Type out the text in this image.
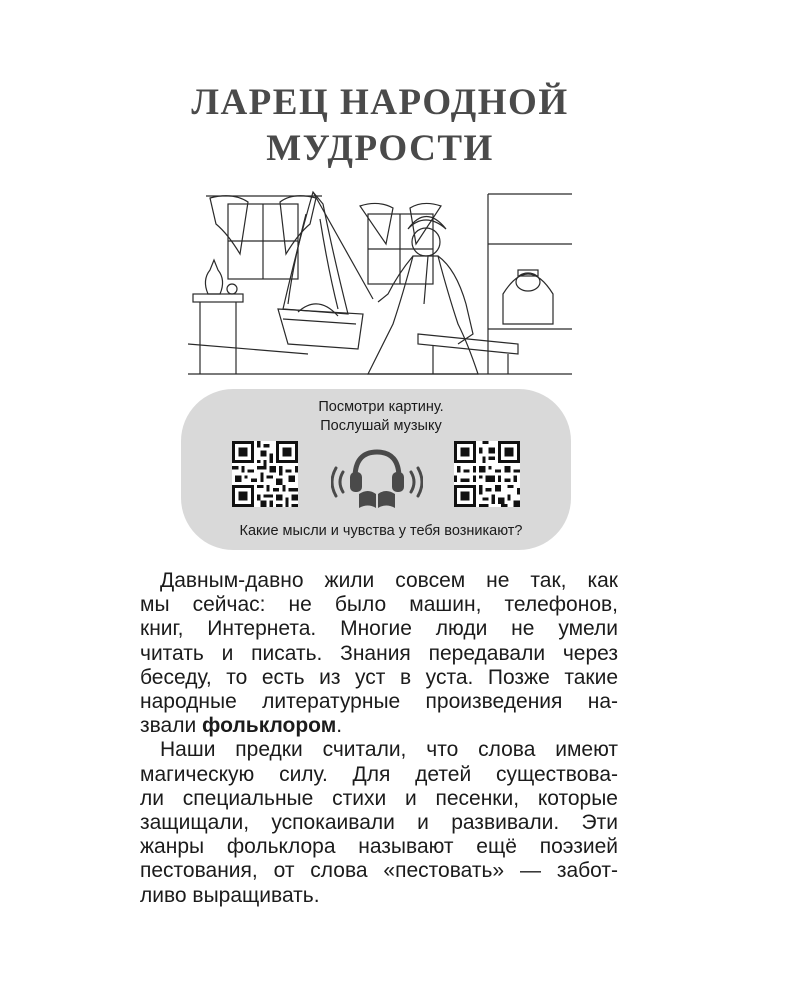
ЛАРЕЦ НАРОДНОЙ
МУДРОСТИ
Посмотри картину.
Послушай музыку
Какие мысли и чувства у тебя возникают?
Давным-давно жили совсем не так, как
мы сейчас: не было машин, телефонов,
книг, Интернета. Многие люди не умели
читать и писать. Знания передавали через
беседу, то есть из уст в уста. Позже такие
народные литературные произведения на-
звали фольклором.
Наши предки считали, что слова имеют
магическую силу. Для детей существова-
ли специальные стихи и песенки, которые
защищали, успокаивали и развивали. Эти
жанры фольклора называют ещё поэзией
пестования, от слова «пестовать» — забот-
ливо выращивать.
